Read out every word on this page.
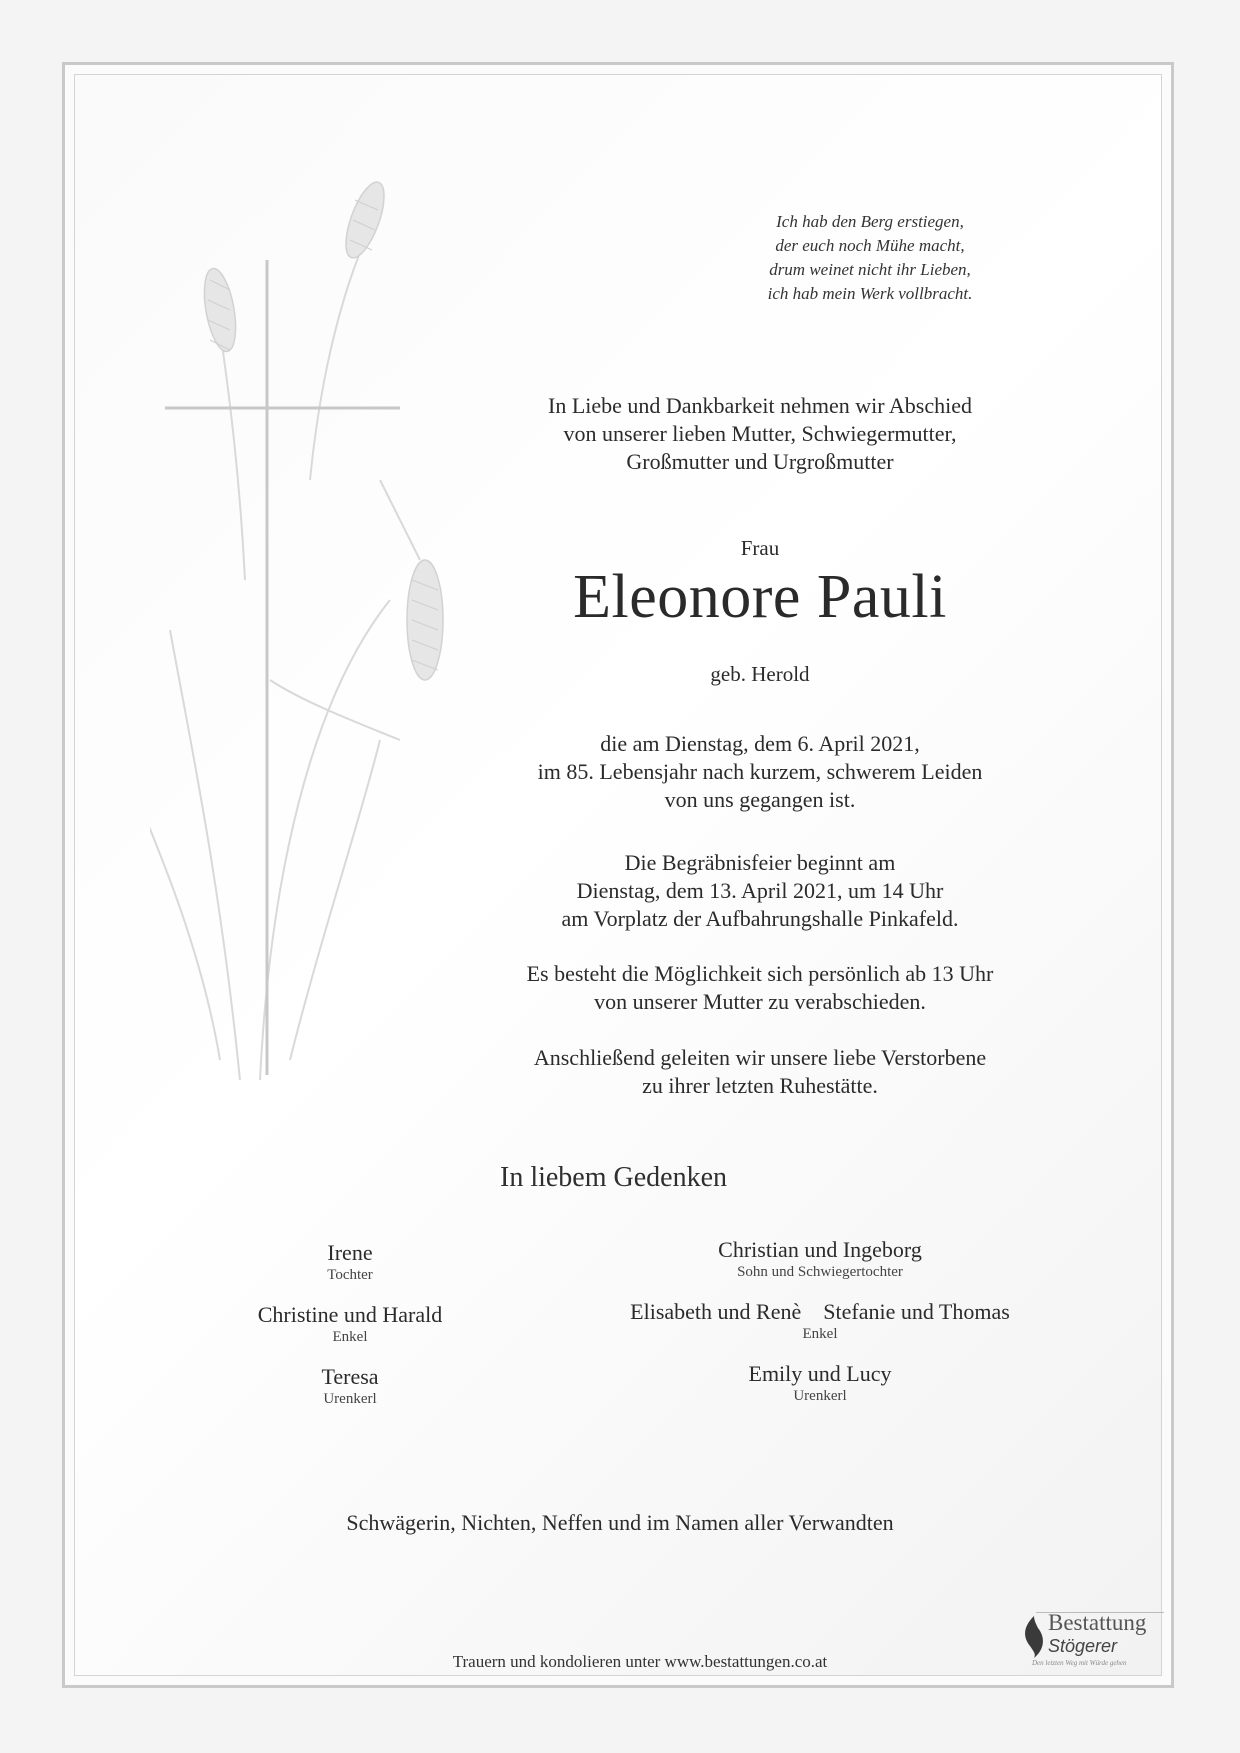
Ich hab den Berg erstiegen,
der euch noch Mühe macht,
drum weinet nicht ihr Lieben,
ich hab mein Werk vollbracht.
In Liebe und Dankbarkeit nehmen wir Abschied
von unserer lieben Mutter, Schwiegermutter,
Großmutter und Urgroßmutter
Frau
Eleonore Pauli
geb. Herold
die am Dienstag, dem 6. April 2021,
im 85. Lebensjahr nach kurzem, schwerem Leiden
von uns gegangen ist.
Die Begräbnisfeier beginnt am
Dienstag, dem 13. April 2021, um 14 Uhr
am Vorplatz der Aufbahrungshalle Pinkafeld.
Es besteht die Möglichkeit sich persönlich ab 13 Uhr
von unserer Mutter zu verabschieden.
Anschließend geleiten wir unsere liebe Verstorbene
zu ihrer letzten Ruhestätte.
In liebem Gedenken
Irene
Tochter
Christine und Harald
Enkel
Teresa
Urenkerl
Christian und Ingeborg
Sohn und Schwiegertochter
Elisabeth und Renè Stefanie und Thomas
Enkel
Emily und Lucy
Urenkerl
Schwägerin, Nichten, Neffen und im Namen aller Verwandten
Trauern und kondolieren unter www.bestattungen.co.at
Bestattung
Stögerer
Den letzten Weg mit Würde gehen
